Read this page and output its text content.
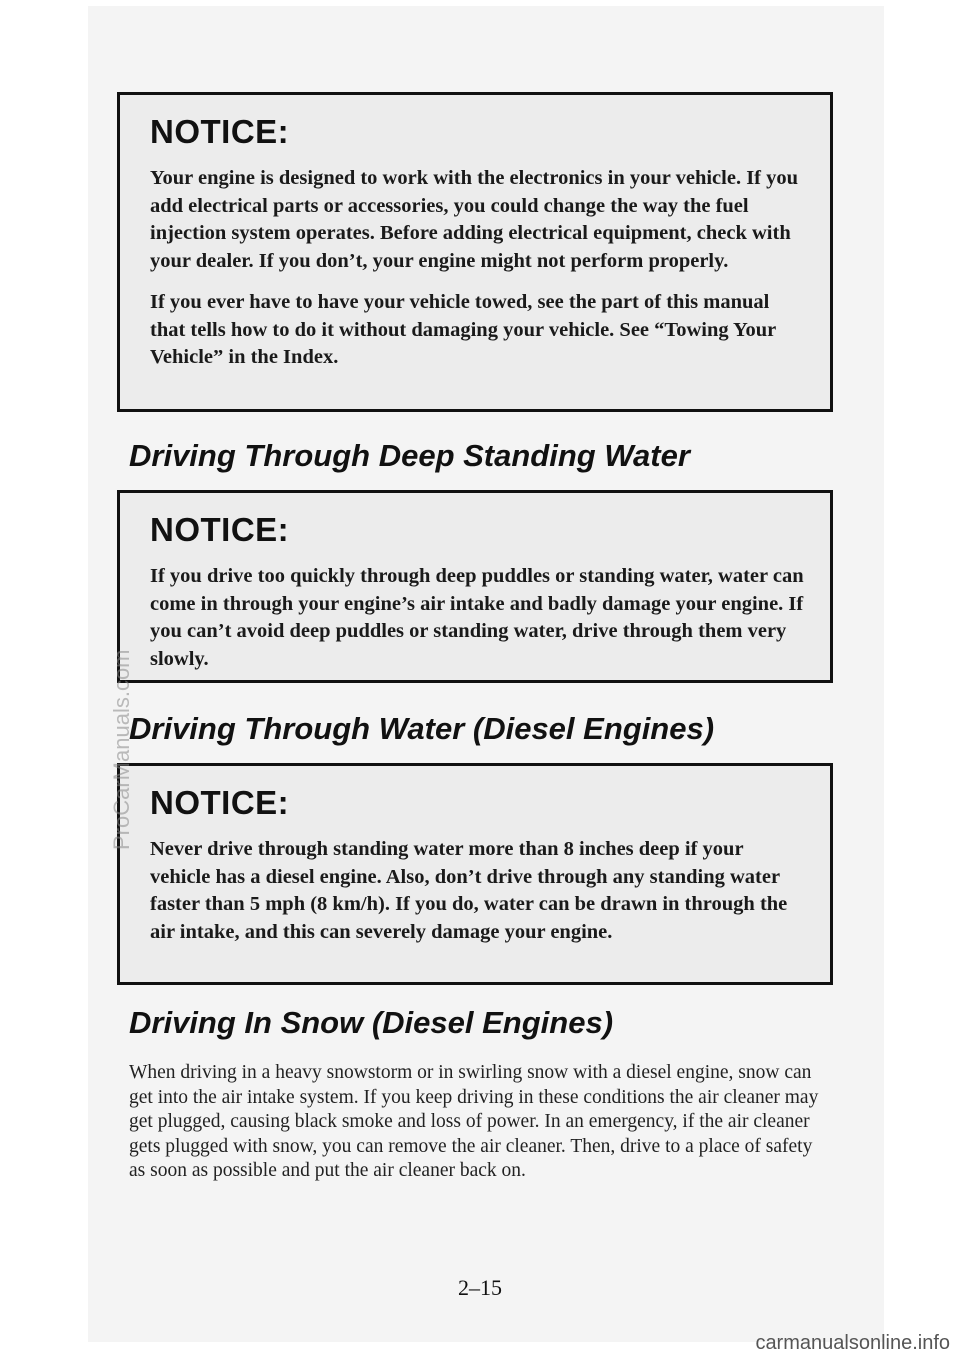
NOTICE:

Your engine is designed to work with the electronics in your vehicle. If you add electrical parts or accessories, you could change the way the fuel injection system operates. Before adding electrical equipment, check with your dealer. If you don’t, your engine might not perform properly.

If you ever have to have your vehicle towed, see the part of this manual that tells how to do it without damaging your vehicle. See “Towing Your Vehicle” in the Index.

Driving Through Deep Standing Water
NOTICE:

If you drive too quickly through deep puddles or standing water, water can come in through your engine’s air intake and badly damage your engine. If you can’t avoid deep puddles or standing water, drive through them very slowly.

Driving Through Water (Diesel Engines)
NOTICE:

Never drive through standing water more than 8 inches deep if your vehicle has a diesel engine. Also, don’t drive through any standing water faster than 5 mph (8 km/h). If you do, water can be drawn in through the air intake, and this can severely damage your engine.

Driving In Snow (Diesel Engines)

When driving in a heavy snowstorm or in swirling snow with a diesel engine, snow can get into the air intake system. If you keep driving in these conditions the air cleaner may get plugged, causing black smoke and loss of power. In an emergency, if the air cleaner gets plugged with snow, you can remove the air cleaner. Then, drive to a place of safety as soon as possible and put the air cleaner back on.

2–15
ProCarManuals.com
carmanualsonline.info
